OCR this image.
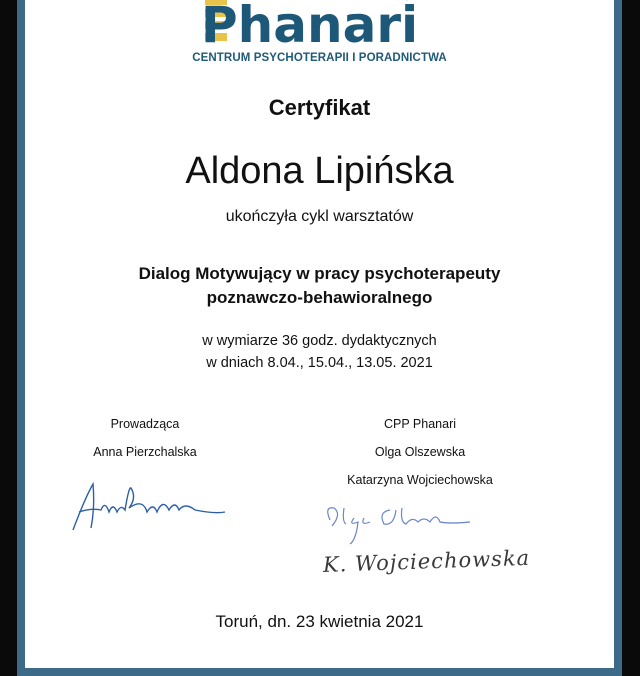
Phanari
CENTRUM PSYCHOTERAPII I PORADNICTWA
Certyfikat
Aldona Lipińska
ukończyła cykl warsztatów
Dialog Motywujący w pracy psychoterapeuty
poznawczo-behawioralnego
w wymiarze 36 godz. dydaktycznych
w dniach 8.04., 15.04., 13.05. 2021
Prowadząca
Anna Pierzchalska
CPP Phanari
Olga Olszewska
Katarzyna Wojciechowska
K. Wojciechowska
Toruń, dn. 23 kwietnia 2021
